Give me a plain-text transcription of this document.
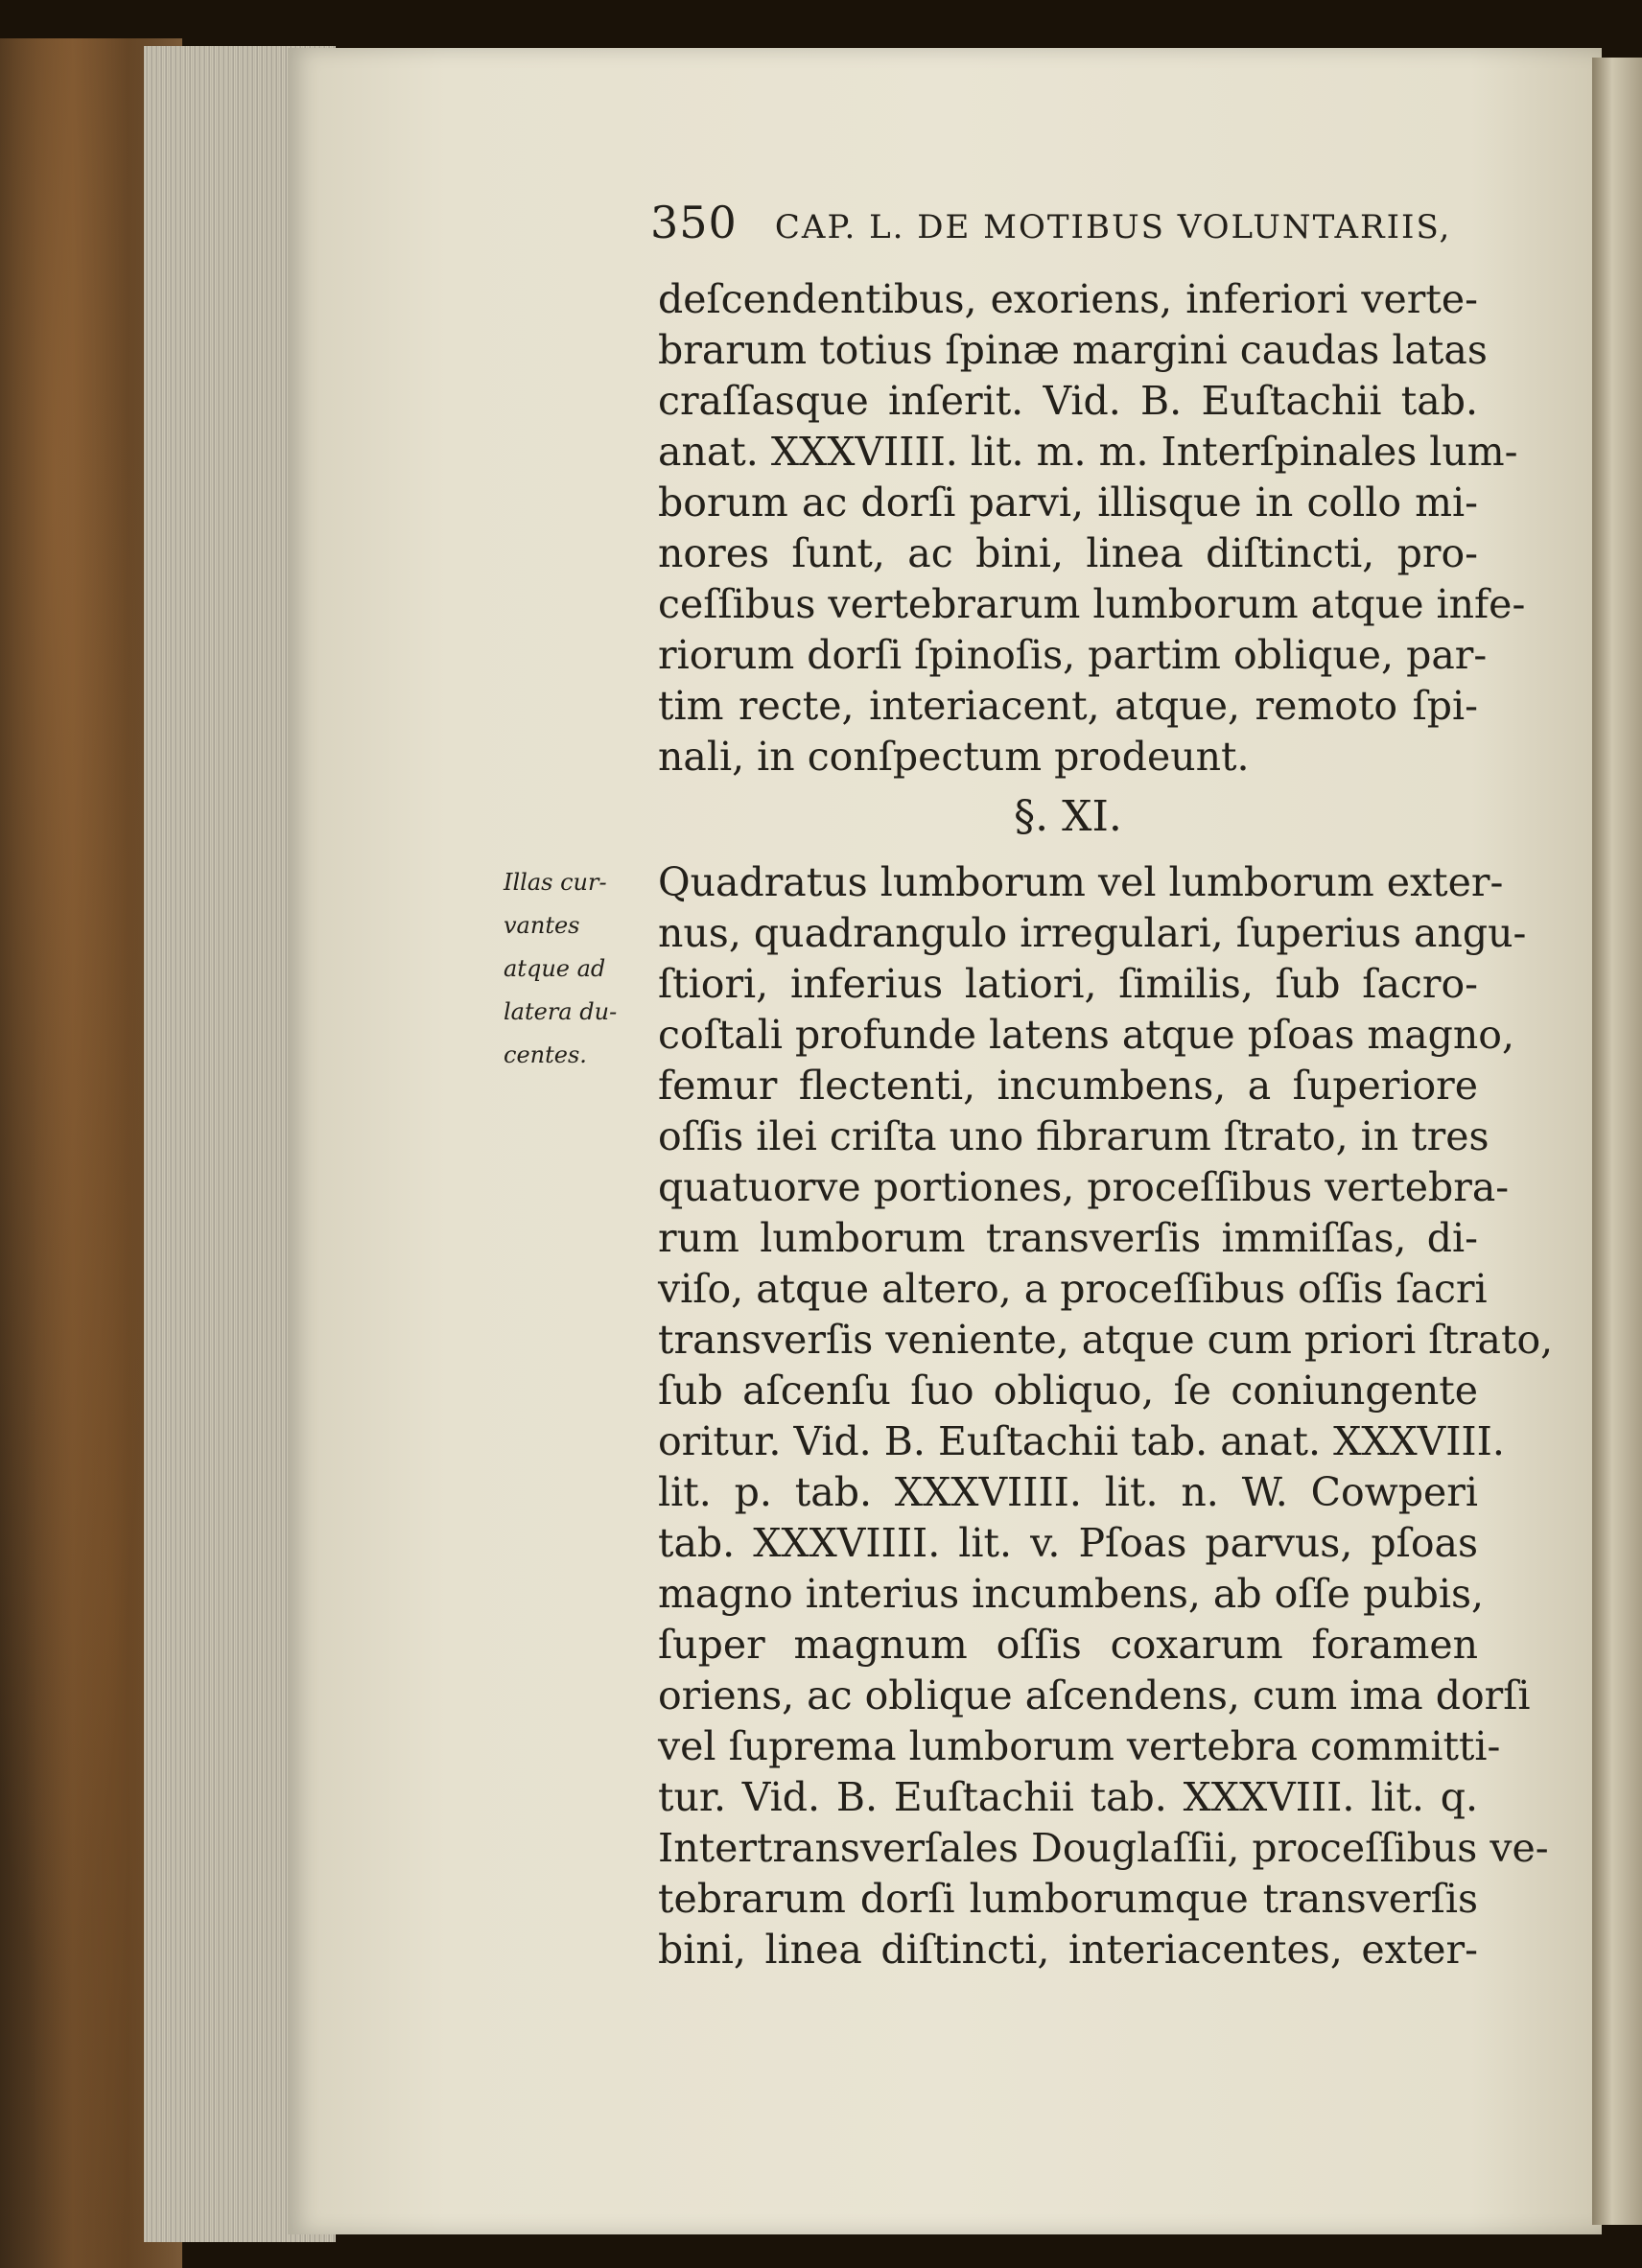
350 CAP. L. DE MOTIBUS VOLUNTARIIS,
deſcendentibus, exoriens, inferiori verte-
brarum totius ſpinæ margini caudas latas
craſſasque inſerit. Vid. B. Euſtachii tab.
anat. XXXVIIII. lit. m. m. Interſpinales lum-
borum ac dorſi parvi, illisque in collo mi-
nores ſunt, ac bini, linea diſtincti, pro-
ceſſibus vertebrarum lumborum atque infe-
riorum dorſi ſpinoſis, partim oblique, par-
tim recte, interiacent, atque, remoto ſpi-
nali, in conſpectum prodeunt.
§. XI.
Quadratus lumborum vel lumborum exter-
nus, quadrangulo irregulari, ſuperius angu-
ſtiori, inferius latiori, ſimilis, ſub ſacro-
coſtali profunde latens atque pſoas magno,
femur flectenti, incumbens, a ſuperiore
oſſis ilei criſta uno fibrarum ſtrato, in tres
quatuorve portiones, proceſſibus vertebra-
rum lumborum transverſis immiſſas, di-
viſo, atque altero, a proceſſibus oſſis ſacri
transverſis veniente, atque cum priori ſtrato,
ſub aſcenſu ſuo obliquo, ſe coniungente
oritur. Vid. B. Euſtachii tab. anat. XXXVIII.
lit. p. tab. XXXVIIII. lit. n. W. Cowperi
tab. XXXVIIII. lit. v. Pſoas parvus, pſoas
magno interius incumbens, ab oſſe pubis,
ſuper magnum oſſis coxarum foramen
oriens, ac oblique aſcendens, cum ima dorſi
vel ſuprema lumborum vertebra committi-
tur. Vid. B. Euſtachii tab. XXXVIII. lit. q.
Intertransverſales Douglaſſii, proceſſibus ve-
tebrarum dorſi lumborumque transverſis
bini, linea diſtincti, interiacentes, exter-
Illas cur-
vantes
atque ad
latera du-
centes.
